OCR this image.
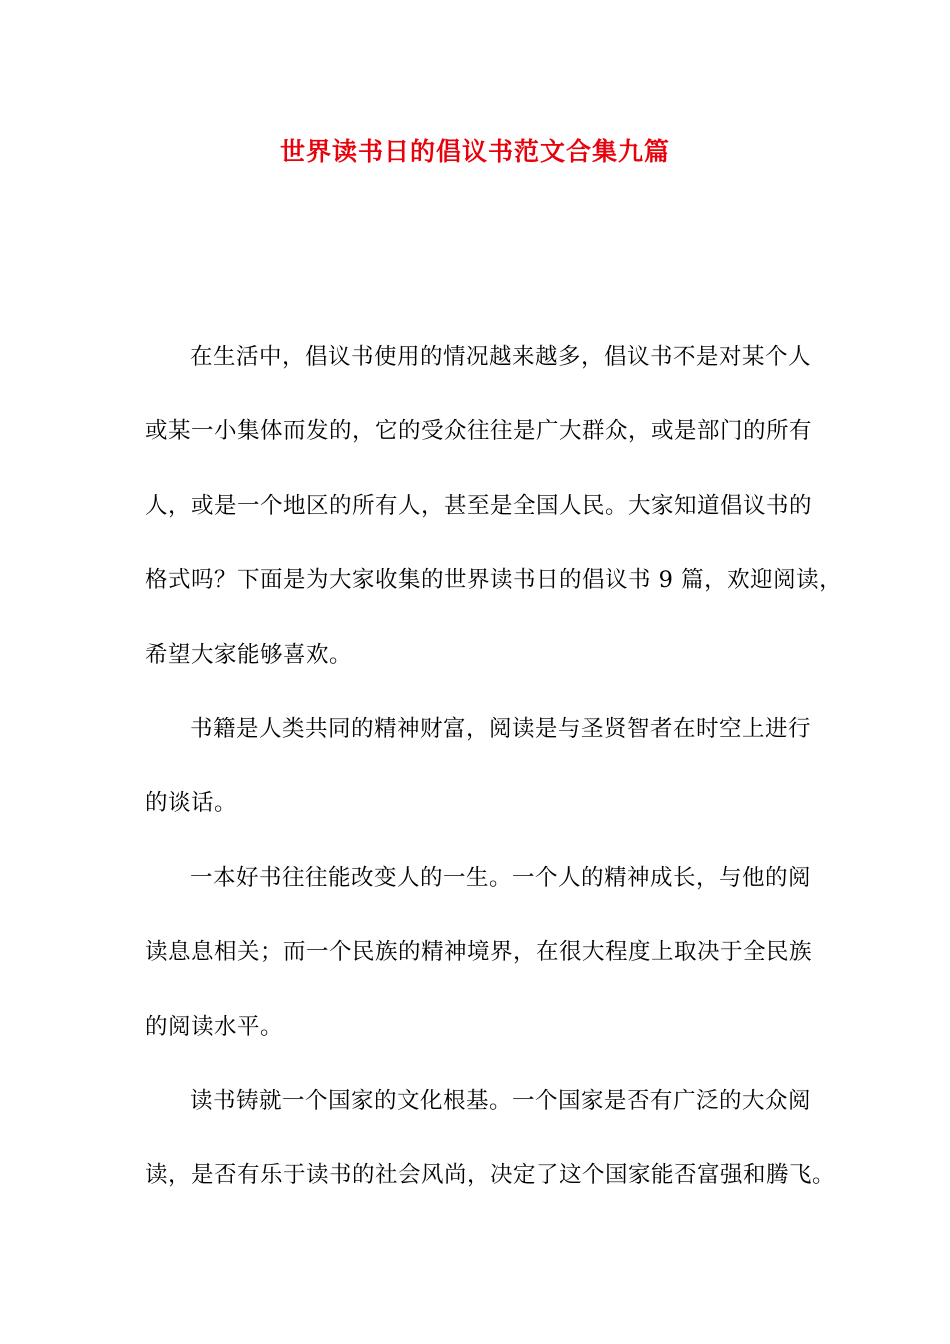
世界读书日的倡议书范文合集九篇

在生活中，倡议书使用的情况越来越多，倡议书不是对某个人
或某一小集体而发的，它的受众往往是广大群众，或是部门的所有
人，或是一个地区的所有人，甚至是全国人民。大家知道倡议书的
格式吗？下面是为大家收集的世界读书日的倡议书 9 篇，欢迎阅读，
希望大家能够喜欢。

书籍是人类共同的精神财富，阅读是与圣贤智者在时空上进行
的谈话。

一本好书往往能改变人的一生。一个人的精神成长，与他的阅
读息息相关；而一个民族的精神境界，在很大程度上取决于全民族
的阅读水平。

读书铸就一个国家的文化根基。一个国家是否有广泛的大众阅
读，是否有乐于读书的社会风尚，决定了这个国家能否富强和腾飞。
